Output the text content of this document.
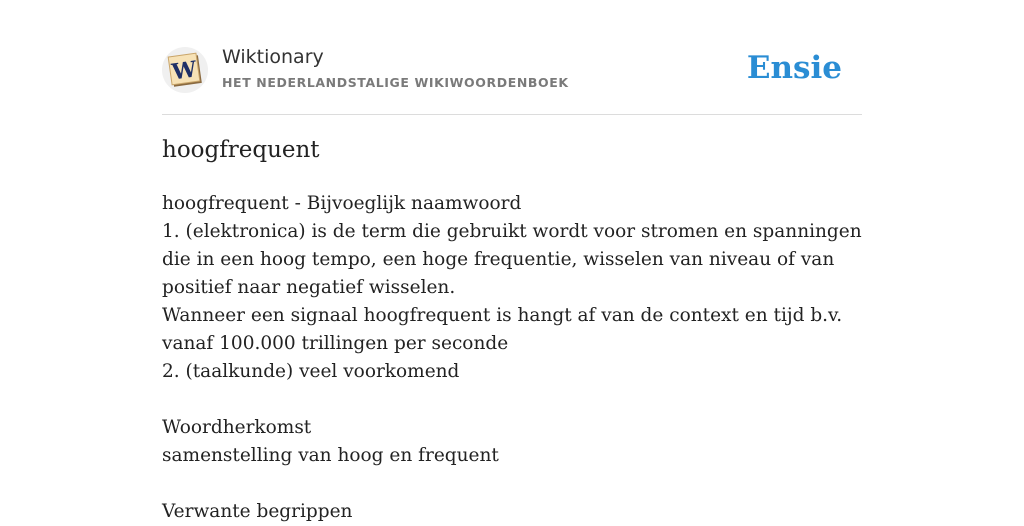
W Wiktionary
HET NEDERLANDSTALIGE WIKIWOORDENBOEK	Ensie
hoogfrequent
hoogfrequent - Bijvoeglijk naamwoord
1. (elektronica) is de term die gebruikt wordt voor stromen en spanningen die in een hoog tempo, een hoge frequentie, wisselen van niveau of van positief naar negatief wisselen.
Wanneer een signaal hoogfrequent is hangt af van de context en tijd b.v. vanaf 100.000 trillingen per seconde
2. (taalkunde) veel voorkomend
Woordherkomst
samenstelling van hoog en frequent
Verwante begrippen
